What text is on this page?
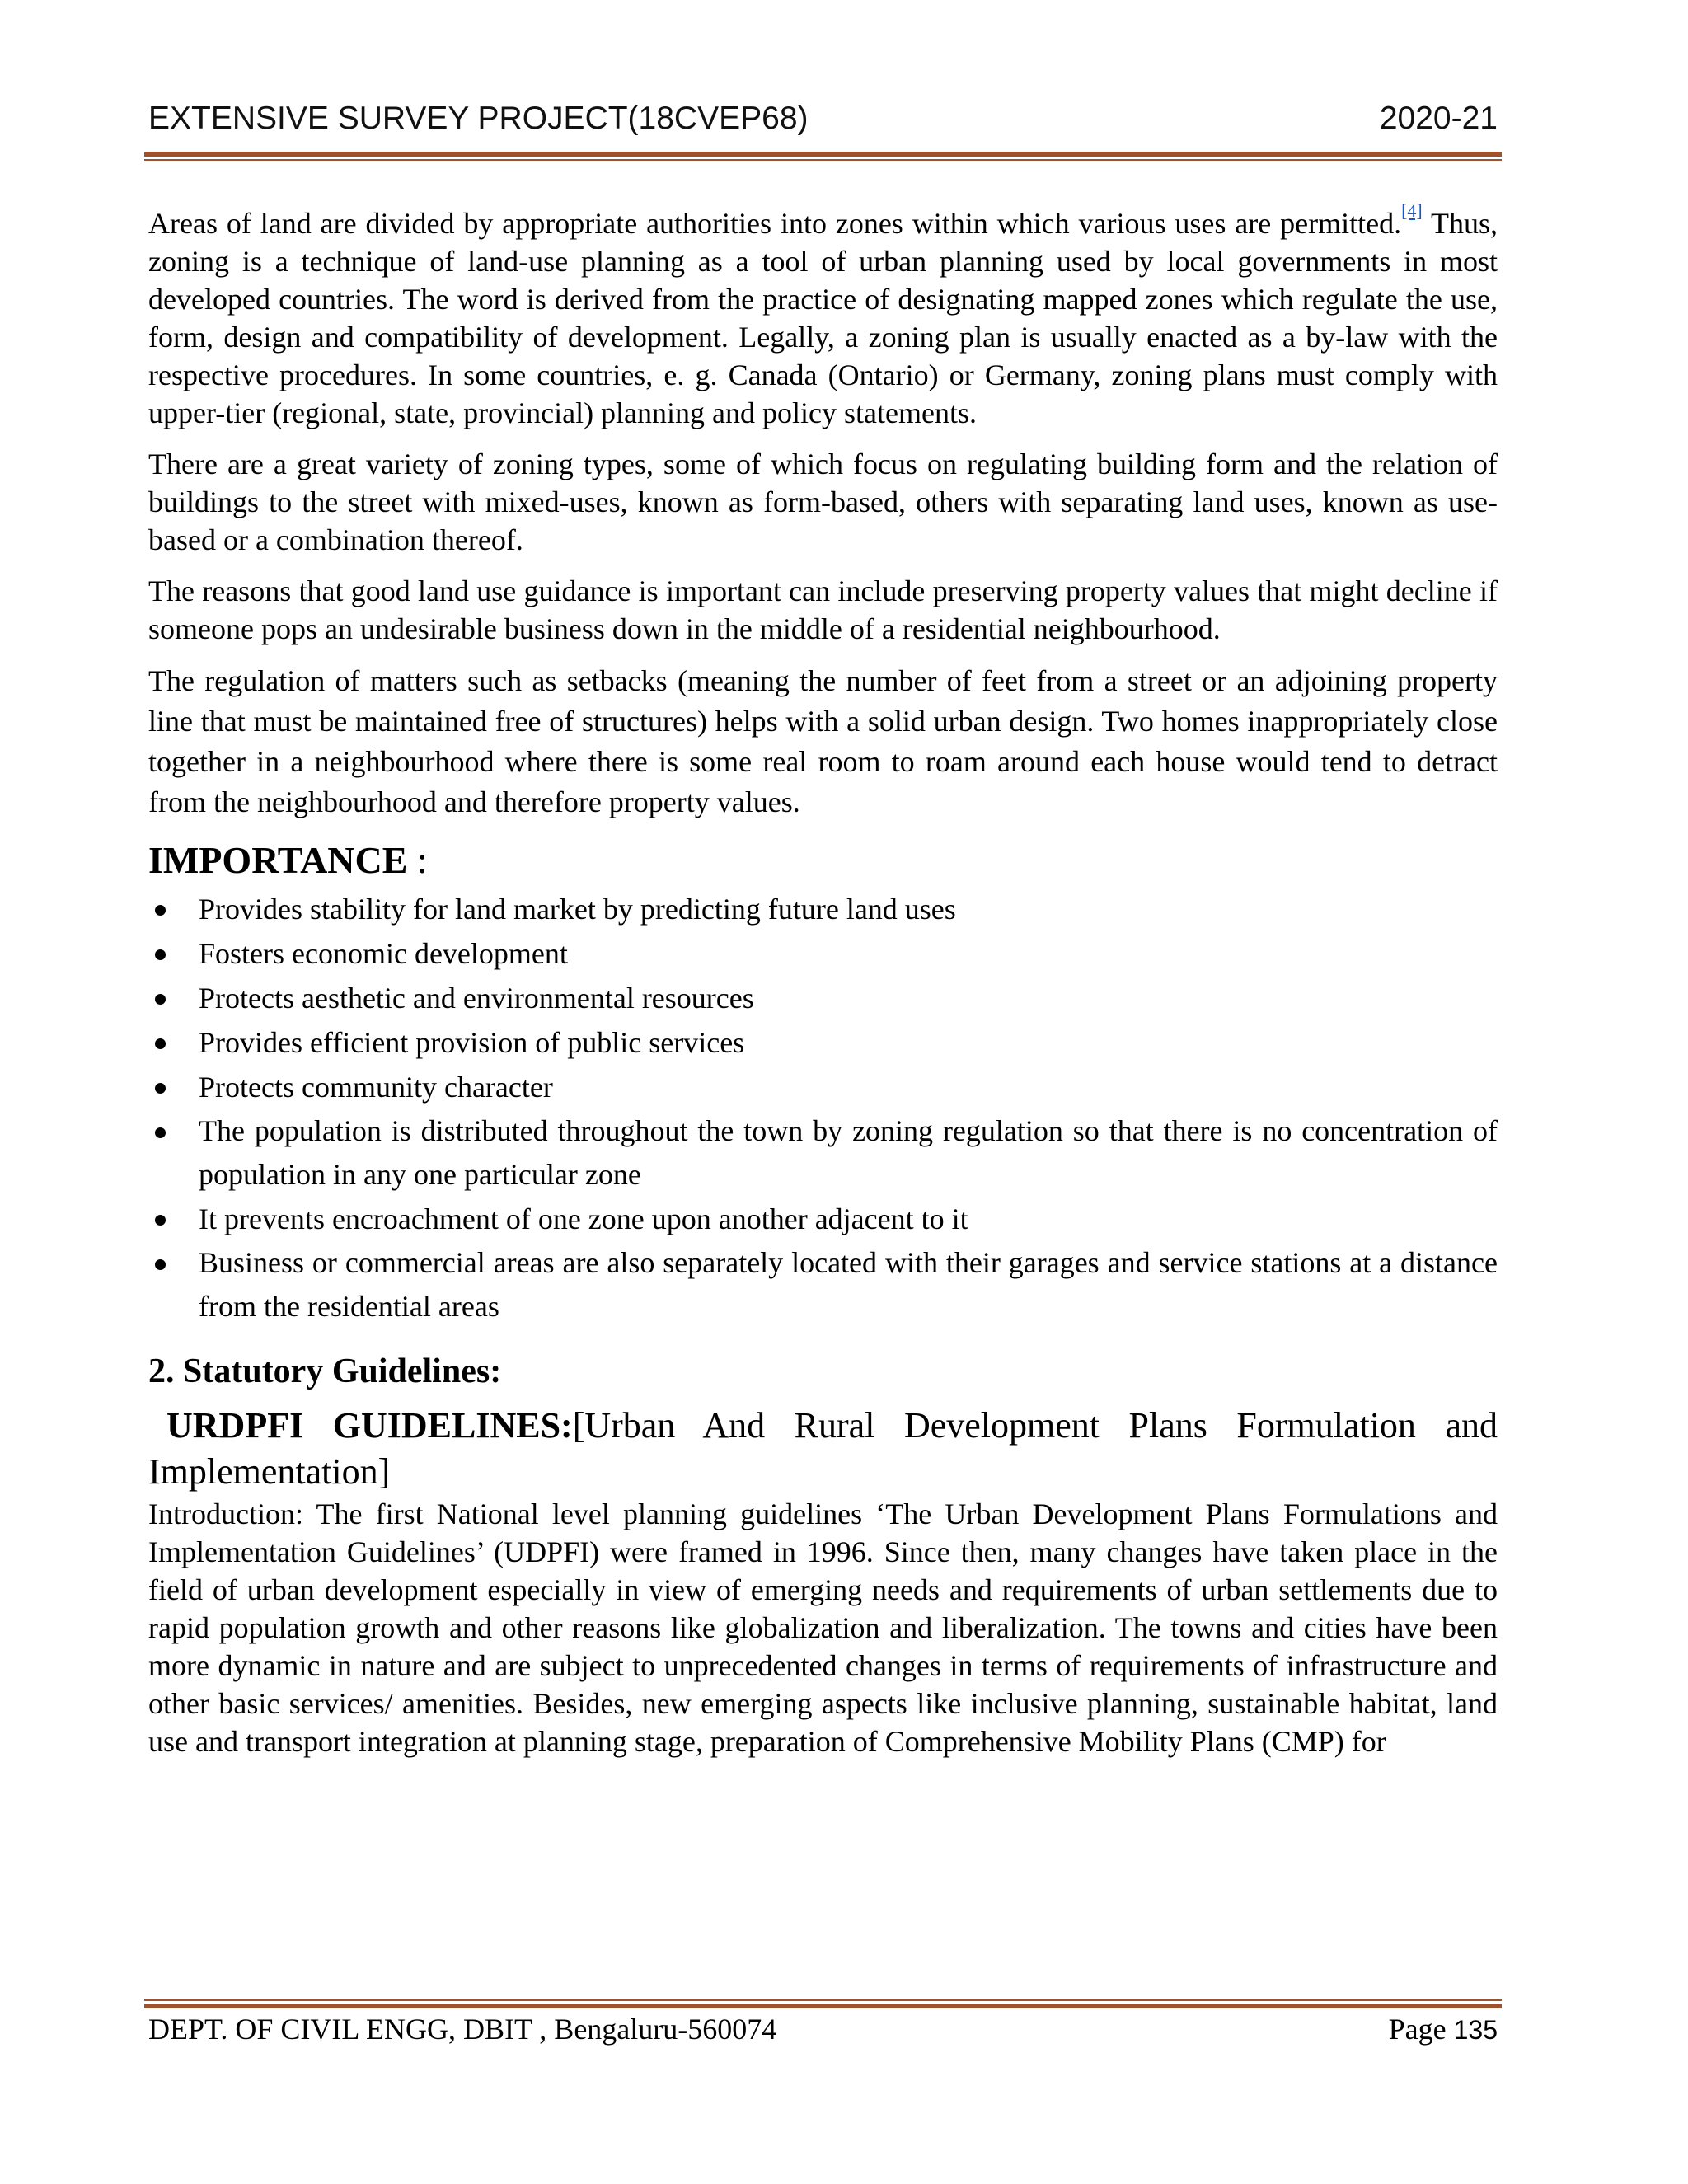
EXTENSIVE SURVEY PROJECT(18CVEP68)	2020-21

Areas of land are divided by appropriate authorities into zones within which various uses are permitted.[4] Thus, zoning is a technique of land-use planning as a tool of urban planning used by local governments in most developed countries. The word is derived from the practice of designating mapped zones which regulate the use, form, design and compatibility of development. Legally, a zoning plan is usually enacted as a by-law with the respective procedures. In some countries, e. g. Canada (Ontario) or Germany, zoning plans must comply with upper-tier (regional, state, provincial) planning and policy statements.

There are a great variety of zoning types, some of which focus on regulating building form and the relation of buildings to the street with mixed-uses, known as form-based, others with separating land uses, known as use-based or a combination thereof.

The reasons that good land use guidance is important can include preserving property values that might decline if someone pops an undesirable business down in the middle of a residential neighbourhood.

The regulation of matters such as setbacks (meaning the number of feet from a street or an adjoining property line that must be maintained free of structures) helps with a solid urban design. Two homes inappropriately close together in a neighbourhood where there is some real room to roam around each house would tend to detract from the neighbourhood and therefore property values.

IMPORTANCE :
Provides stability for land market by predicting future land uses
Fosters economic development
Protects aesthetic and environmental resources
Provides efficient provision of public services
Protects community character
The population is distributed throughout the town by zoning regulation so that there is no concentration of population in any one particular zone
It prevents encroachment of one zone upon another adjacent to it
Business or commercial areas are also separately located with their garages and service stations at a distance from the residential areas
2. Statutory Guidelines:
URDPFI GUIDELINES:[Urban And Rural Development Plans Formulation and Implementation]

Introduction: The first National level planning guidelines ‘The Urban Development Plans Formulations and Implementation Guidelines’ (UDPFI) were framed in 1996. Since then, many changes have taken place in the field of urban development especially in view of emerging needs and requirements of urban settlements due to rapid population growth and other reasons like globalization and liberalization. The towns and cities have been more dynamic in nature and are subject to unprecedented changes in terms of requirements of infrastructure and other basic services/ amenities. Besides, new emerging aspects like inclusive planning, sustainable habitat, land use and transport integration at planning stage, preparation of Comprehensive Mobility Plans (CMP) for

DEPT. OF CIVIL ENGG, DBIT , Bengaluru-560074	Page 135
